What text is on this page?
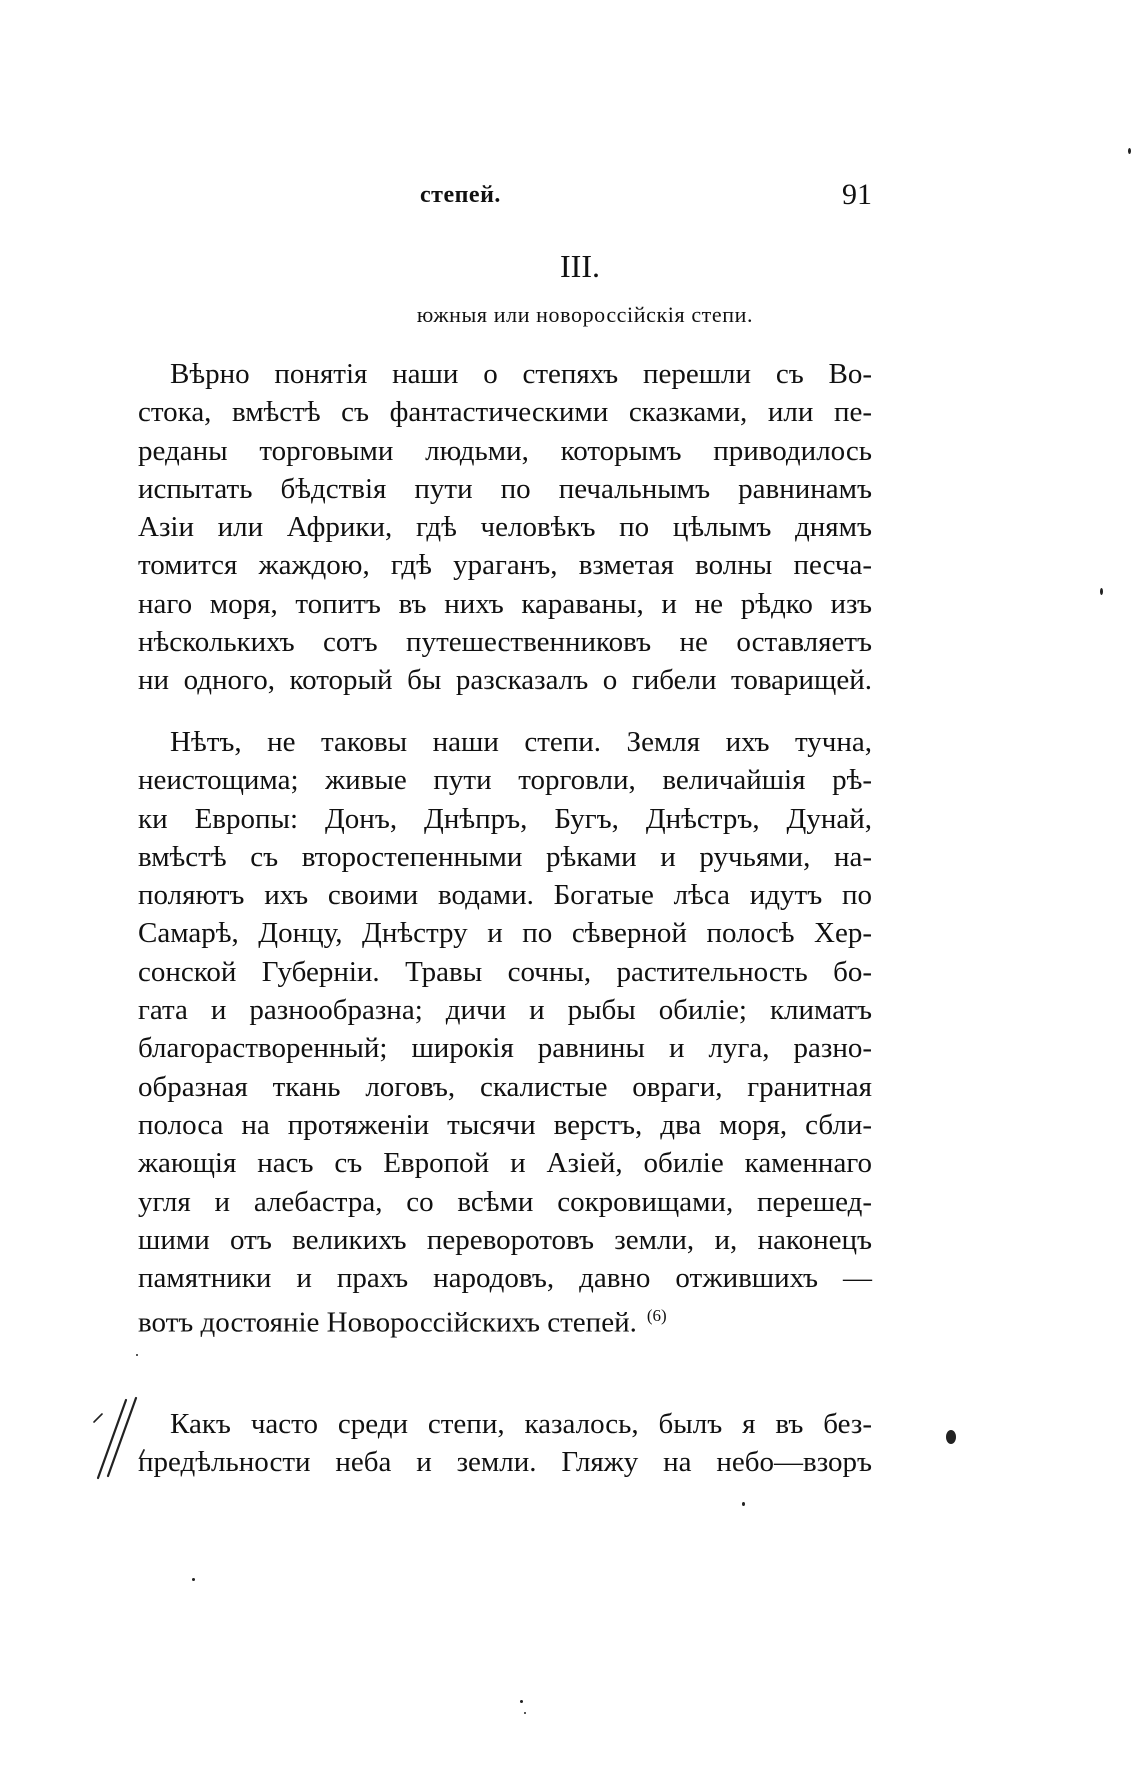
степей.	91
III.
южныя или новороссійскія степи.
Вѣрно понятія наши о степяхъ перешли съ Во-
стока, вмѣстѣ съ фантастическими сказками, или пе-
реданы торговыми людьми, которымъ приводилось
испытать бѣдствія пути по печальнымъ равнинамъ
Азіи или Африки, гдѣ человѣкъ по цѣлымъ днямъ
томится жаждою, гдѣ ураганъ, взметая волны песча-
наго моря, топитъ въ нихъ караваны, и не рѣдко изъ
нѣсколькихъ сотъ путешественниковъ не оставляетъ
ни одного, который бы разсказалъ о гибели товарищей.
Нѣтъ, не таковы наши степи. Земля ихъ тучна,
неистощима; живые пути торговли, величайшія рѣ-
ки Европы: Донъ, Днѣпръ, Бугъ, Днѣстръ, Дунай,
вмѣстѣ съ второстепенными рѣками и ручьями, на-
поляютъ ихъ своими водами. Богатые лѣса идутъ по
Самарѣ, Донцу, Днѣстру и по сѣверной полосѣ Хер-
сонской Губерніи. Травы сочны, растительность бо-
гата и разнообразна; дичи и рыбы обиліе; климатъ
благорастворенный; широкія равнины и луга, разно-
образная ткань логовъ, скалистые овраги, гранитная
полоса на протяженіи тысячи верстъ, два моря, сбли-
жающія насъ съ Европой и Азіей, обиліе каменнаго
угля и алебастра, со всѣми сокровищами, перешед-
шими отъ великихъ переворотовъ земли, и, наконецъ
памятники и прахъ народовъ, давно отжившихъ —
вотъ достояніе Новороссійскихъ степей. $^{(6)}$
Какъ часто среди степи, казалось, былъ я въ без-
предѣльности неба и земли. Гляжу на небо—взоръ
